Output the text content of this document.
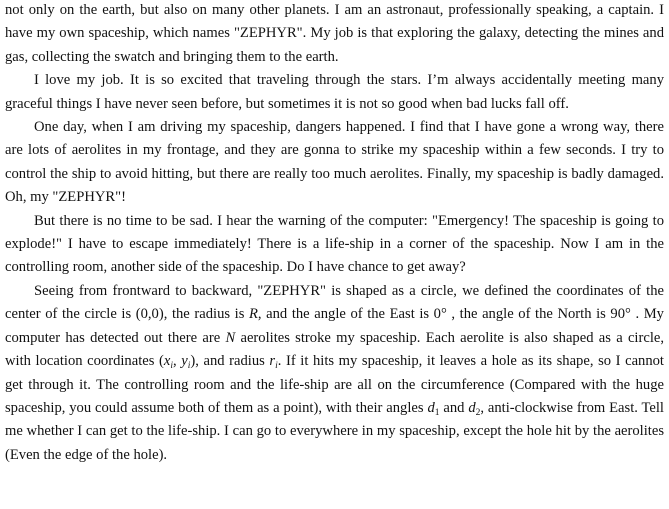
not only on the earth, but also on many other planets. I am an astronaut, professionally speaking, a captain. I have my own spaceship, which names "ZEPHYR". My job is that exploring the galaxy, detecting the mines and gas, collecting the swatch and bringing them to the earth.

I love my job. It is so excited that traveling through the stars. I’m always accidentally meeting many graceful things I have never seen before, but sometimes it is not so good when bad lucks fall off.

One day, when I am driving my spaceship, dangers happened. I find that I have gone a wrong way, there are lots of aerolites in my frontage, and they are gonna to strike my spaceship within a few seconds. I try to control the ship to avoid hitting, but there are really too much aerolites. Finally, my spaceship is badly damaged. Oh, my "ZEPHYR"!

But there is no time to be sad. I hear the warning of the computer: "Emergency! The spaceship is going to explode!" I have to escape immediately! There is a life-ship in a corner of the spaceship. Now I am in the controlling room, another side of the spaceship. Do I have chance to get away?

Seeing from frontward to backward, "ZEPHYR" is shaped as a circle, we defined the coordinates of the center of the circle is (0,0), the radius is R, and the angle of the East is 0° , the angle of the North is 90° . My computer has detected out there are N aerolites stroke my spaceship. Each aerolite is also shaped as a circle, with location coordinates ($x_i$, $y_i$), and radius $r_i$. If it hits my spaceship, it leaves a hole as its shape, so I cannot get through it. The controlling room and the life-ship are all on the circumference (Compared with the huge spaceship, you could assume both of them as a point), with their angles $d_1$ and $d_2$, anti-clockwise from East. Tell me whether I can get to the life-ship. I can go to everywhere in my spaceship, except the hole hit by the aerolites (Even the edge of the hole).
